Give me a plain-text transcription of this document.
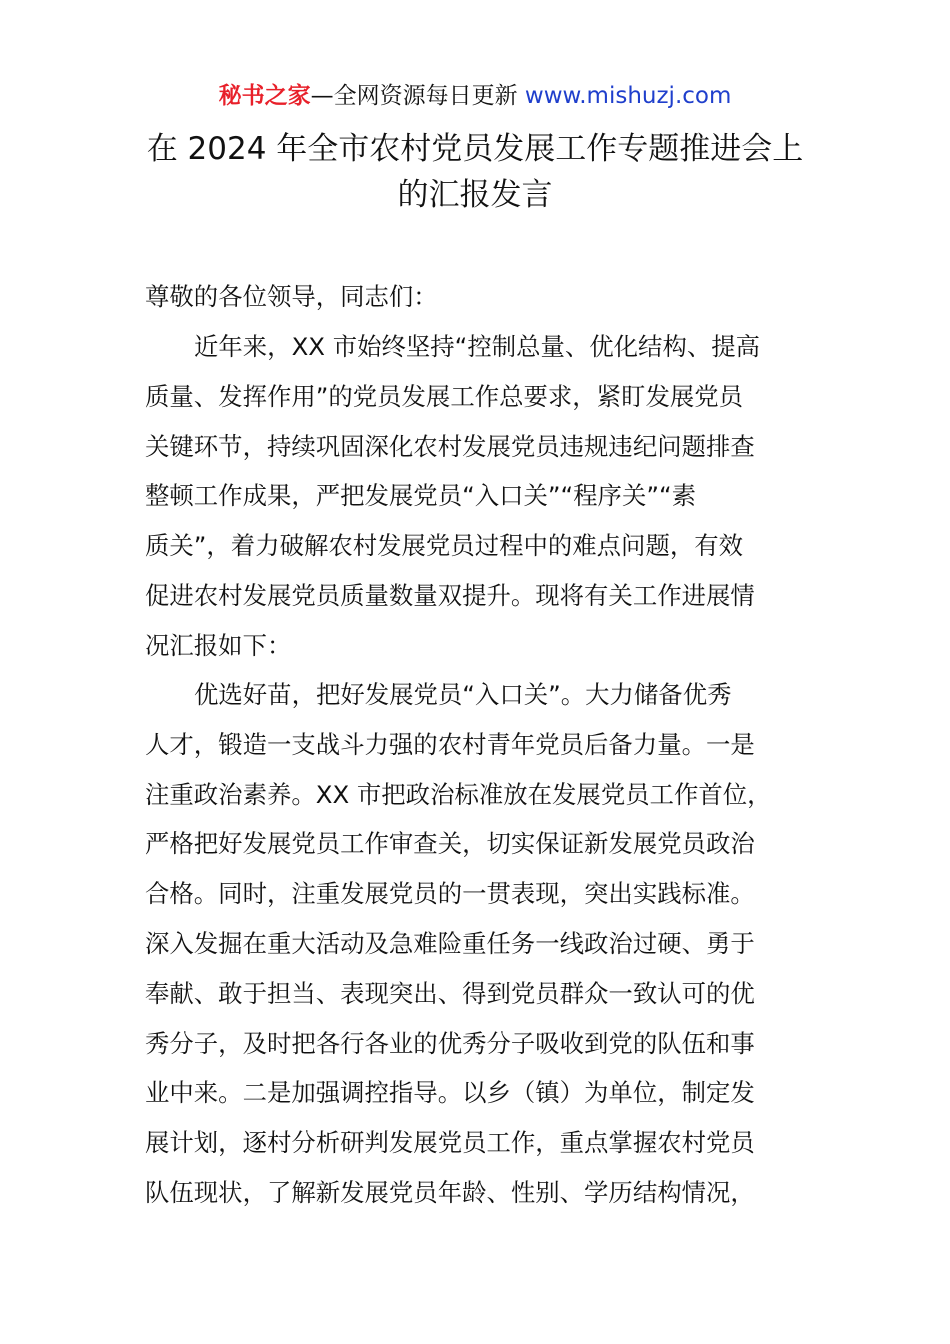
秘书之家—全网资源每日更新 www.mishuzj.com
在 2024 年全市农村党员发展工作专题推进会上
的汇报发言
尊敬的各位领导，同志们：
近年来，XX 市始终坚持“控制总量、优化结构、提高
质量、发挥作用”的党员发展工作总要求，紧盯发展党员
关键环节，持续巩固深化农村发展党员违规违纪问题排查
整顿工作成果，严把发展党员“入口关”“程序关”“素
质关”，着力破解农村发展党员过程中的难点问题，有效
促进农村发展党员质量数量双提升。现将有关工作进展情
况汇报如下：
优选好苗，把好发展党员“入口关”。大力储备优秀
人才，锻造一支战斗力强的农村青年党员后备力量。一是
注重政治素养。XX 市把政治标准放在发展党员工作首位，
严格把好发展党员工作审查关，切实保证新发展党员政治
合格。同时，注重发展党员的一贯表现，突出实践标准。
深入发掘在重大活动及急难险重任务一线政治过硬、勇于
奉献、敢于担当、表现突出、得到党员群众一致认可的优
秀分子，及时把各行各业的优秀分子吸收到党的队伍和事
业中来。二是加强调控指导。以乡（镇）为单位，制定发
展计划，逐村分析研判发展党员工作，重点掌握农村党员
队伍现状，了解新发展党员年龄、性别、学历结构情况，
